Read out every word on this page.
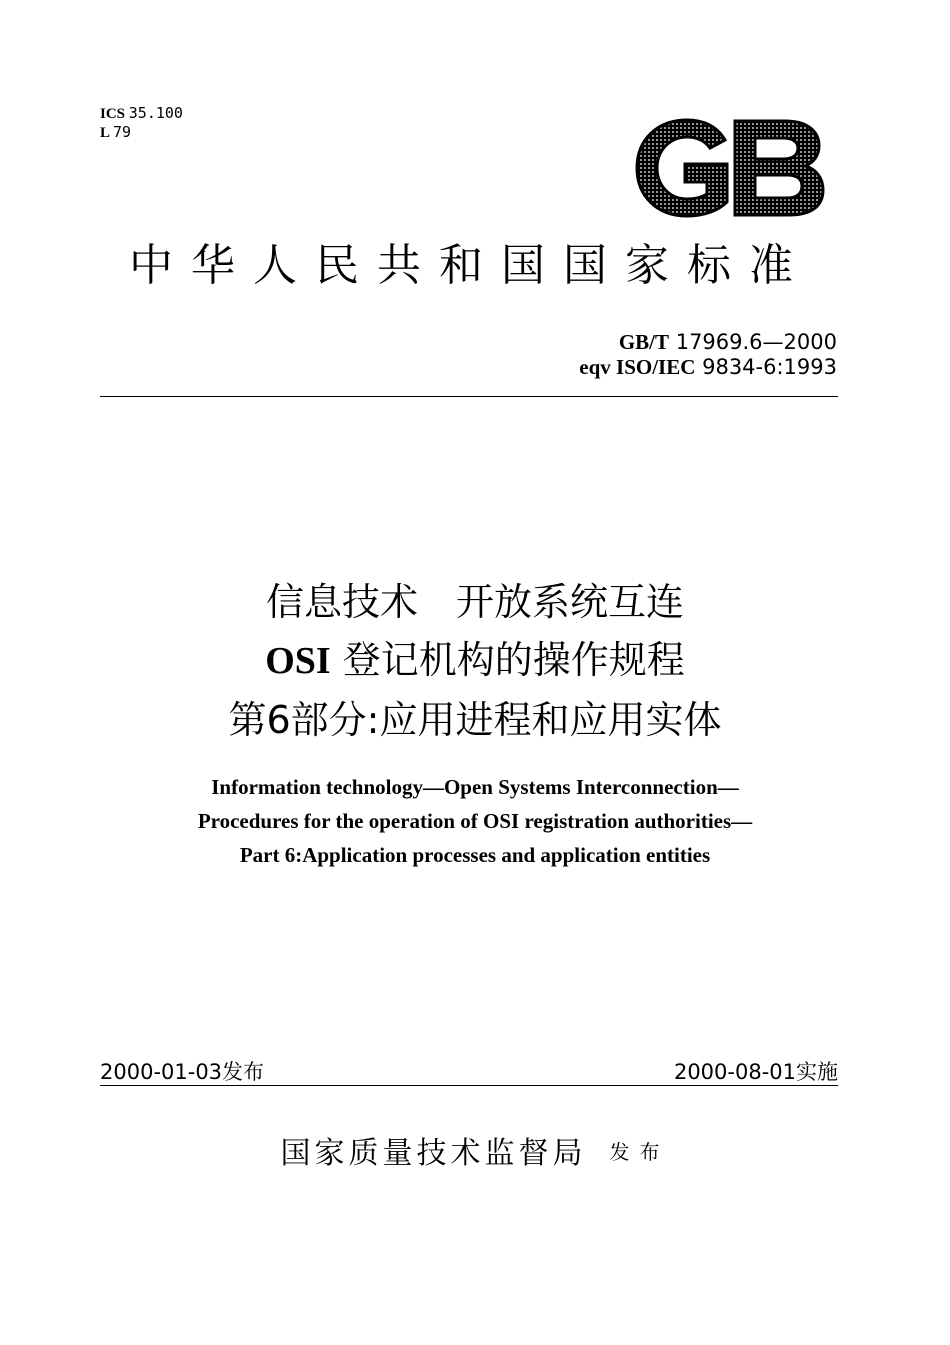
ICS 35.100
L 79
中华人民共和国国家标准
GB/T 17969.6—2000
eqv ISO/IEC 9834-6:1993
信息技术　开放系统互连
OSI 登记机构的操作规程
第6部分:应用进程和应用实体
Information technology—Open Systems Interconnection—
Procedures for the operation of OSI registration authorities—
Part 6:Application processes and application entities
2000-01-03发布	2000-08-01实施
国家质量技术监督局 发布
